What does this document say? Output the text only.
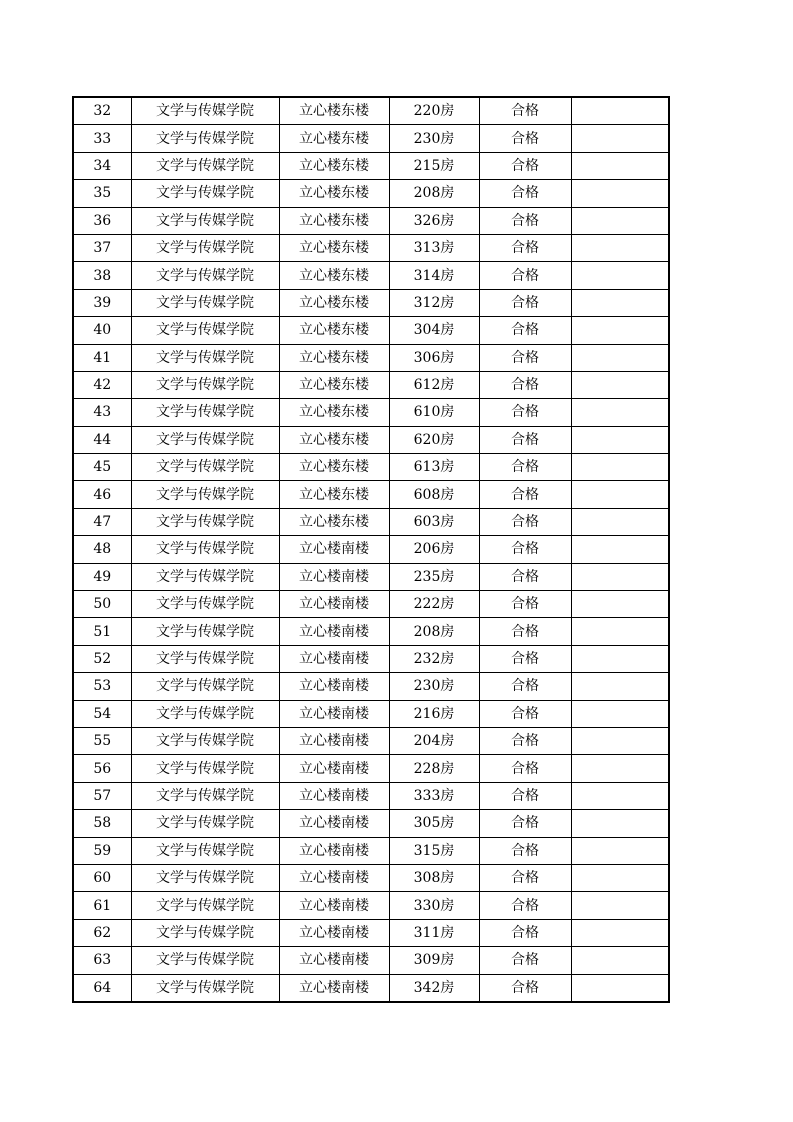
32	文学与传媒学院	立心楼东楼	220房	合格	
33	文学与传媒学院	立心楼东楼	230房	合格	
34	文学与传媒学院	立心楼东楼	215房	合格	
35	文学与传媒学院	立心楼东楼	208房	合格	
36	文学与传媒学院	立心楼东楼	326房	合格	
37	文学与传媒学院	立心楼东楼	313房	合格	
38	文学与传媒学院	立心楼东楼	314房	合格	
39	文学与传媒学院	立心楼东楼	312房	合格	
40	文学与传媒学院	立心楼东楼	304房	合格	
41	文学与传媒学院	立心楼东楼	306房	合格	
42	文学与传媒学院	立心楼东楼	612房	合格	
43	文学与传媒学院	立心楼东楼	610房	合格	
44	文学与传媒学院	立心楼东楼	620房	合格	
45	文学与传媒学院	立心楼东楼	613房	合格	
46	文学与传媒学院	立心楼东楼	608房	合格	
47	文学与传媒学院	立心楼东楼	603房	合格	
48	文学与传媒学院	立心楼南楼	206房	合格	
49	文学与传媒学院	立心楼南楼	235房	合格	
50	文学与传媒学院	立心楼南楼	222房	合格	
51	文学与传媒学院	立心楼南楼	208房	合格	
52	文学与传媒学院	立心楼南楼	232房	合格	
53	文学与传媒学院	立心楼南楼	230房	合格	
54	文学与传媒学院	立心楼南楼	216房	合格	
55	文学与传媒学院	立心楼南楼	204房	合格	
56	文学与传媒学院	立心楼南楼	228房	合格	
57	文学与传媒学院	立心楼南楼	333房	合格	
58	文学与传媒学院	立心楼南楼	305房	合格	
59	文学与传媒学院	立心楼南楼	315房	合格	
60	文学与传媒学院	立心楼南楼	308房	合格	
61	文学与传媒学院	立心楼南楼	330房	合格	
62	文学与传媒学院	立心楼南楼	311房	合格	
63	文学与传媒学院	立心楼南楼	309房	合格	
64	文学与传媒学院	立心楼南楼	342房	合格	
